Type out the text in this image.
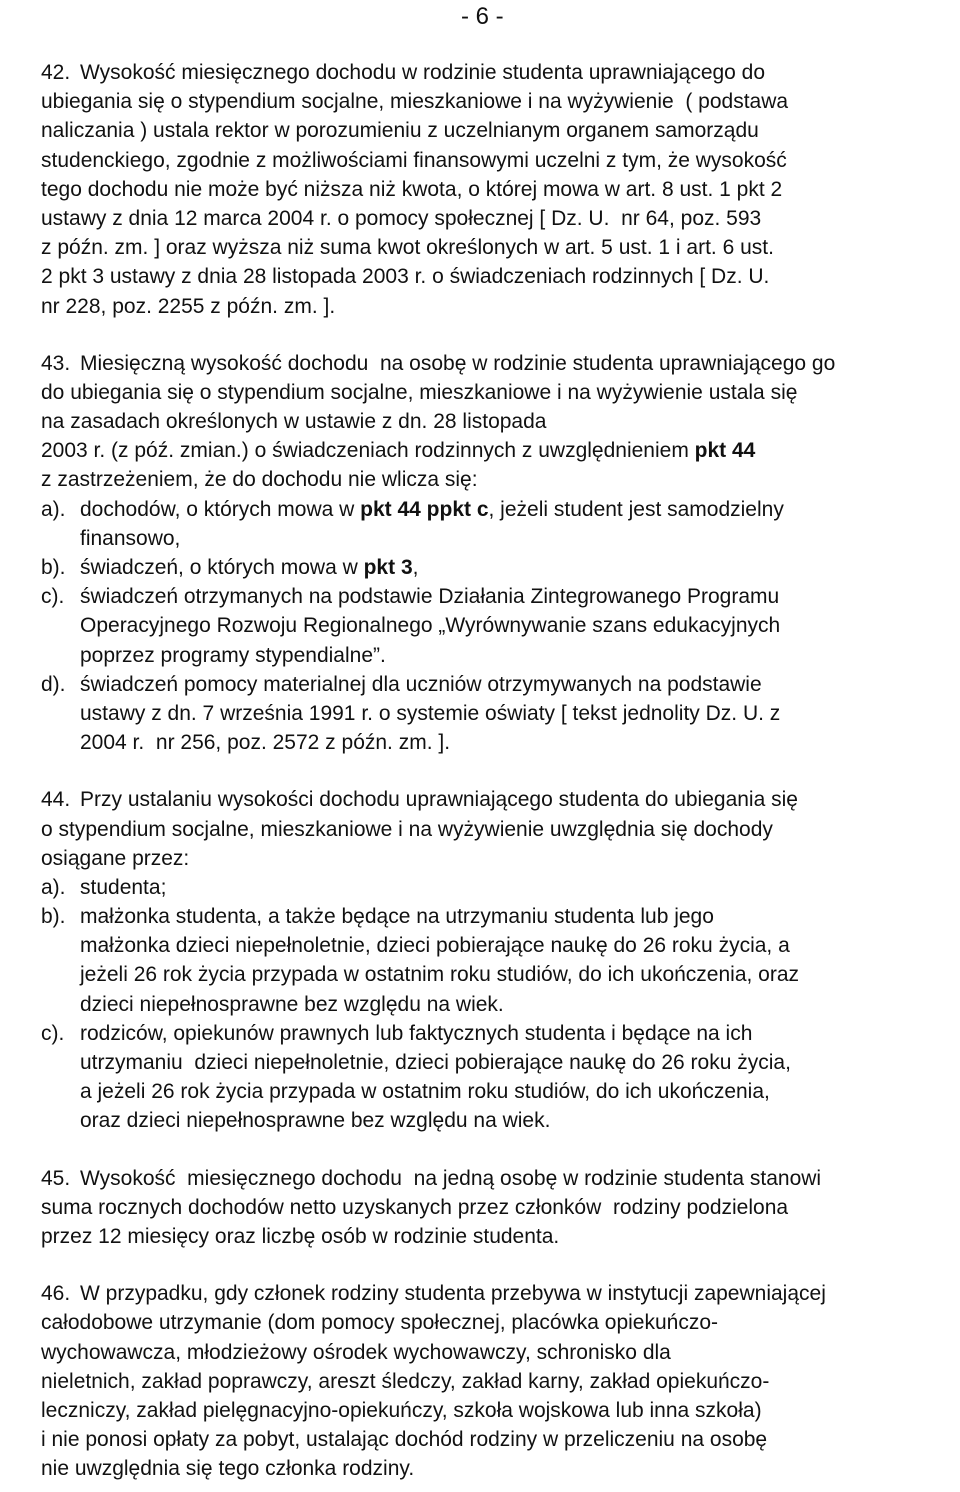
- 6 -
42. Wysokość miesięcznego dochodu w rodzinie studenta uprawniającego do
ubiegania się o stypendium socjalne, mieszkaniowe i na wyżywienie  ( podstawa
naliczania ) ustala rektor w porozumieniu z uczelnianym organem samorządu
studenckiego, zgodnie z możliwościami finansowymi uczelni z tym, że wysokość
tego dochodu nie może być niższa niż kwota, o której mowa w art. 8 ust. 1 pkt 2
ustawy z dnia 12 marca 2004 r. o pomocy społecznej [ Dz. U.  nr 64, poz. 593
z późn. zm. ] oraz wyższa niż suma kwot określonych w art. 5 ust. 1 i art. 6 ust.
2 pkt 3 ustawy z dnia 28 listopada 2003 r. o świadczeniach rodzinnych [ Dz. U.
nr 228, poz. 2255 z późn. zm. ].
43. Miesięczną wysokość dochodu  na osobę w rodzinie studenta uprawniającego go
do ubiegania się o stypendium socjalne, mieszkaniowe i na wyżywienie ustala się
na zasadach określonych w ustawie z dn. 28 listopada
2003 r. (z póź. zmian.) o świadczeniach rodzinnych z uwzględnieniem pkt 44
z zastrzeżeniem, że do dochodu nie wlicza się:
a). dochodów, o których mowa w pkt 44 ppkt c, jeżeli student jest samodzielny
finansowo,
b). świadczeń, o których mowa w pkt 3,
c). świadczeń otrzymanych na podstawie Działania Zintegrowanego Programu
Operacyjnego Rozwoju Regionalnego „Wyrównywanie szans edukacyjnych
poprzez programy stypendialne”.
d). świadczeń pomocy materialnej dla uczniów otrzymywanych na podstawie
ustawy z dn. 7 września 1991 r. o systemie oświaty [ tekst jednolity Dz. U. z
2004 r.  nr 256, poz. 2572 z późn. zm. ].
44. Przy ustalaniu wysokości dochodu uprawniającego studenta do ubiegania się
o stypendium socjalne, mieszkaniowe i na wyżywienie uwzględnia się dochody
osiągane przez:
a). studenta;
b). małżonka studenta, a także będące na utrzymaniu studenta lub jego
małżonka dzieci niepełnoletnie, dzieci pobierające naukę do 26 roku życia, a
jeżeli 26 rok życia przypada w ostatnim roku studiów, do ich ukończenia, oraz
dzieci niepełnosprawne bez względu na wiek.
c). rodziców, opiekunów prawnych lub faktycznych studenta i będące na ich
utrzymaniu  dzieci niepełnoletnie, dzieci pobierające naukę do 26 roku życia,
a jeżeli 26 rok życia przypada w ostatnim roku studiów, do ich ukończenia,
oraz dzieci niepełnosprawne bez względu na wiek.
45. Wysokość  miesięcznego dochodu  na jedną osobę w rodzinie studenta stanowi
suma rocznych dochodów netto uzyskanych przez członków  rodziny podzielona
przez 12 miesięcy oraz liczbę osób w rodzinie studenta.
46. W przypadku, gdy członek rodziny studenta przebywa w instytucji zapewniającej
całodobowe utrzymanie (dom pomocy społecznej, placówka opiekuńczo-
wychowawcza, młodzieżowy ośrodek wychowawczy, schronisko dla
nieletnich, zakład poprawczy, areszt śledczy, zakład karny, zakład opiekuńczo-
leczniczy, zakład pielęgnacyjno-opiekuńczy, szkoła wojskowa lub inna szkoła)
i nie ponosi opłaty za pobyt, ustalając dochód rodziny w przeliczeniu na osobę
nie uwzględnia się tego członka rodziny.
